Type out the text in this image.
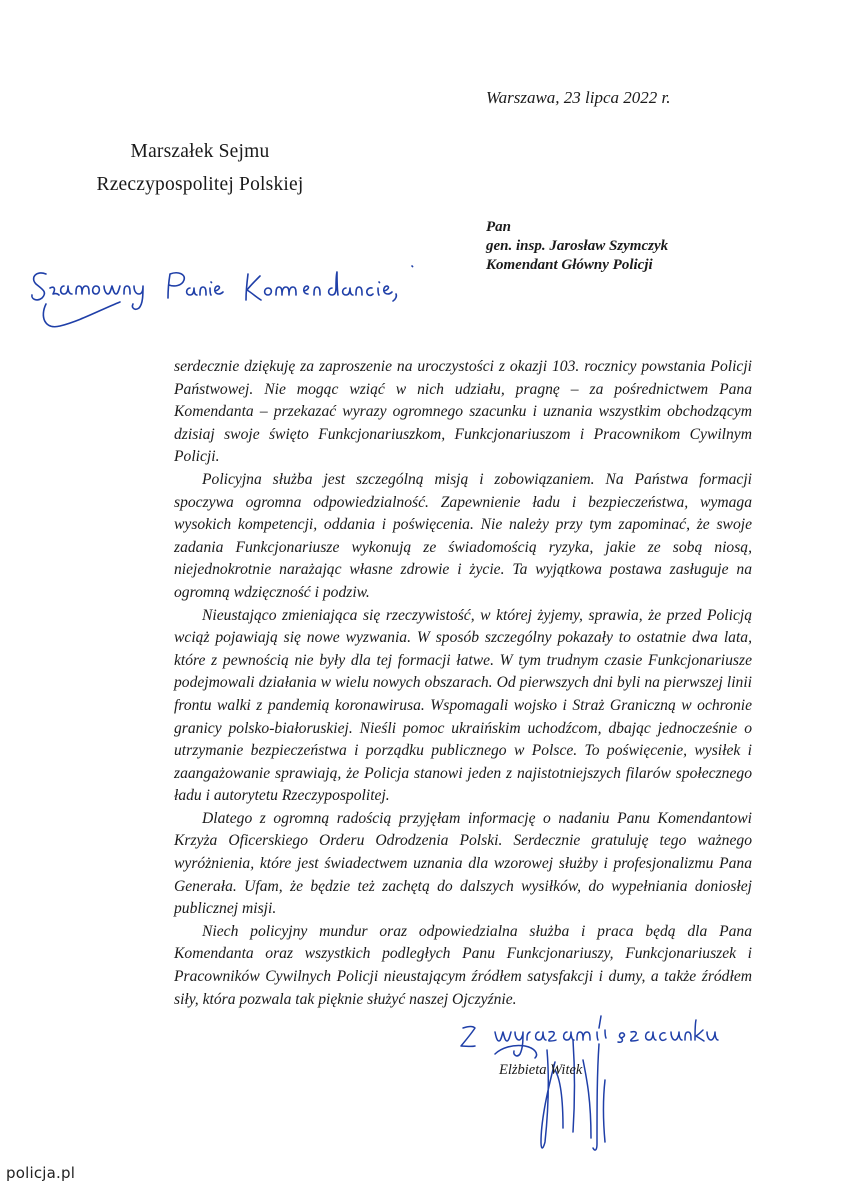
Warszawa, 23 lipca 2022 r.
Marszałek Sejmu
Rzeczypospolitej Polskiej
Pan
gen. insp. Jarosław Szymczyk
Komendant Główny Policji

serdecznie dziękuję za zaproszenie na uroczystości z okazji 103. rocznicy powstania Policji Państwowej. Nie mogąc wziąć w nich udziału, pragnę – za pośrednictwem Pana Komendanta – przekazać wyrazy ogromnego szacunku i uznania wszystkim obchodzącym dzisiaj swoje święto Funkcjonariuszkom, Funkcjonariuszom i Pracownikom Cywilnym Policji.

Policyjna służba jest szczególną misją i zobowiązaniem. Na Państwa formacji spoczywa ogromna odpowiedzialność. Zapewnienie ładu i bezpieczeństwa, wymaga wysokich kompetencji, oddania i poświęcenia. Nie należy przy tym zapominać, że swoje zadania Funkcjonariusze wykonują ze świadomością ryzyka, jakie ze sobą niosą, niejednokrotnie narażając własne zdrowie i życie. Ta wyjątkowa postawa zasługuje na ogromną wdzięczność i podziw.

Nieustająco zmieniająca się rzeczywistość, w której żyjemy, sprawia, że przed Policją wciąż pojawiają się nowe wyzwania. W sposób szczególny pokazały to ostatnie dwa lata, które z pewnością nie były dla tej formacji łatwe. W tym trudnym czasie Funkcjonariusze podejmowali działania w wielu nowych obszarach. Od pierwszych dni byli na pierwszej linii frontu walki z pandemią koronawirusa. Wspomagali wojsko i Straż Graniczną w ochronie granicy polsko-białoruskiej. Nieśli pomoc ukraińskim uchodźcom, dbając jednocześnie o utrzymanie bezpieczeństwa i porządku publicznego w Polsce. To poświęcenie, wysiłek i zaangażowanie sprawiają, że Policja stanowi jeden z najistotniejszych filarów społecznego ładu i autorytetu Rzeczypospolitej.

Dlatego z ogromną radością przyjęłam informację o nadaniu Panu Komendantowi Krzyża Oficerskiego Orderu Odrodzenia Polski. Serdecznie gratuluję tego ważnego wyróżnienia, które jest świadectwem uznania dla wzorowej służby i profesjonalizmu Pana Generała. Ufam, że będzie też zachętą do dalszych wysiłków, do wypełniania doniosłej publicznej misji.

Niech policyjny mundur oraz odpowiedzialna służba i praca będą dla Pana Komendanta oraz wszystkich podległych Panu Funkcjonariuszy, Funkcjonariuszek i Pracowników Cywilnych Policji nieustającym źródłem satysfakcji i dumy, a także źródłem siły, która pozwala tak pięknie służyć naszej Ojczyźnie.

Elżbieta Witek
policja.pl
